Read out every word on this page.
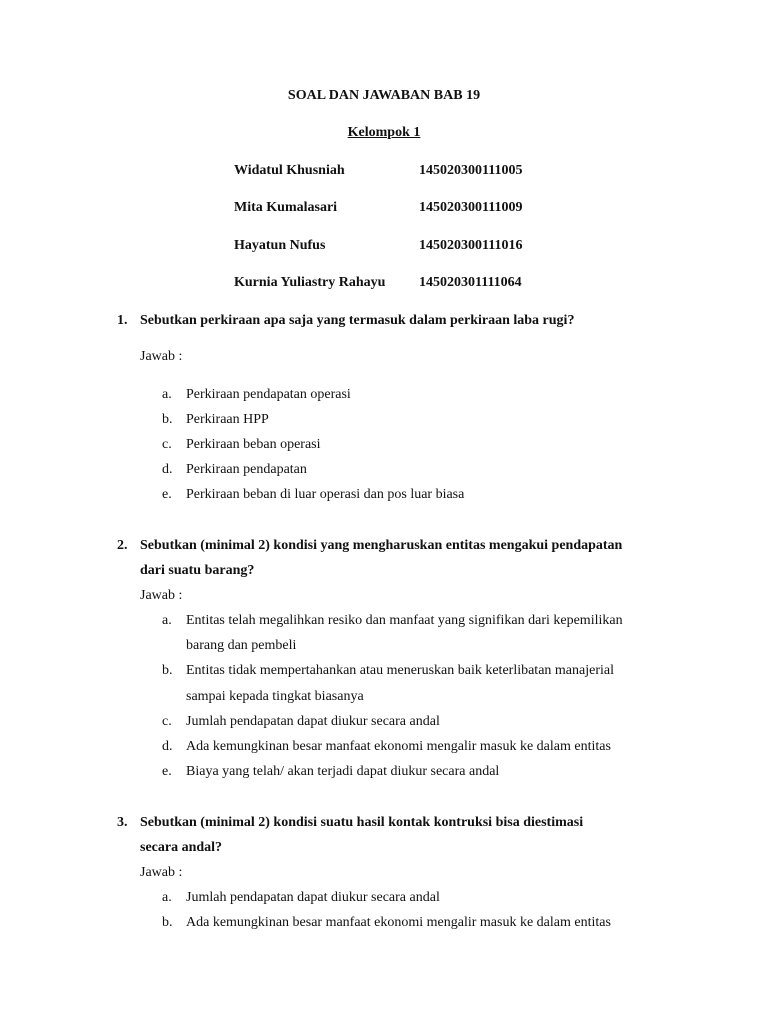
SOAL DAN JAWABAN BAB 19
Kelompok 1
Widatul Khusniah	145020300111005
Mita Kumalasari	145020300111009
Hayatun Nufus	145020300111016
Kurnia Yuliastry Rahayu 145020301111064
1. Sebutkan perkiraan apa saja yang termasuk dalam perkiraan laba rugi?
Jawab :
a. Perkiraan pendapatan operasi
b. Perkiraan HPP
c. Perkiraan beban operasi
d. Perkiraan pendapatan
e. Perkiraan beban di luar operasi dan pos luar biasa
2. Sebutkan (minimal 2) kondisi yang mengharuskan entitas mengakui pendapatan
dari suatu barang?
Jawab :
a. Entitas telah megalihkan resiko dan manfaat yang signifikan dari kepemilikan
barang dan pembeli
b. Entitas tidak mempertahankan atau meneruskan baik keterlibatan manajerial
sampai kepada tingkat biasanya
c. Jumlah pendapatan dapat diukur secara andal
d. Ada kemungkinan besar manfaat ekonomi mengalir masuk ke dalam entitas
e. Biaya yang telah/ akan terjadi dapat diukur secara andal
3. Sebutkan (minimal 2) kondisi suatu hasil kontak kontruksi bisa diestimasi
secara andal?
Jawab :
a. Jumlah pendapatan dapat diukur secara andal
b. Ada kemungkinan besar manfaat ekonomi mengalir masuk ke dalam entitas
